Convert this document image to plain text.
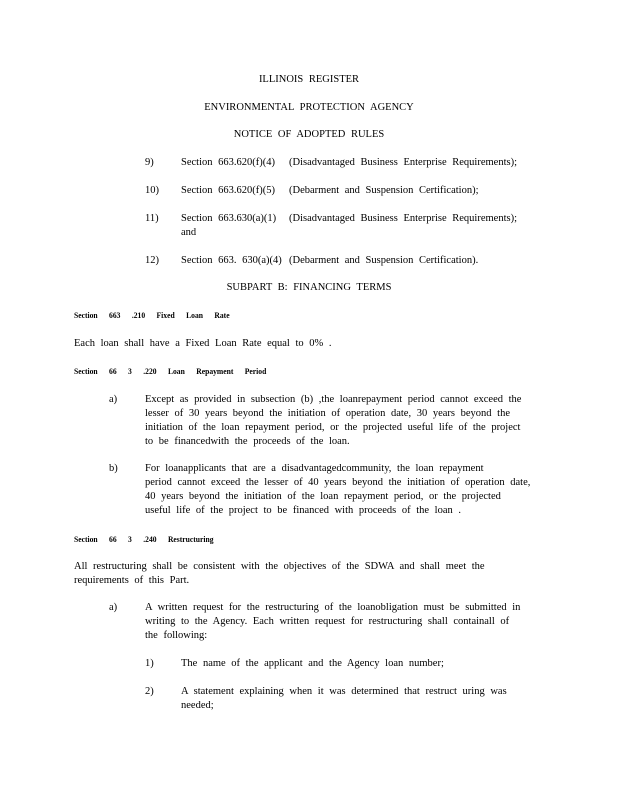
ILLINOIS REGISTER
ENVIRONMENTAL PROTECTION AGENCY
NOTICE OF ADOPTED RULES
9)	Section 663.620(f)(4) (Disadvantaged Business Enterprise Requirements);
10) Section 663.620(f)(5) (Debarment and Suspension Certification);
11) Section 663.630(a)(1) (Disadvantaged Business Enterprise Requirements);
and
12) Section 663. 630(a)(4) (Debarment and Suspension Certification).
SUBPART B: FINANCING TERMS
Section 663 .210 Fixed Loan Rate
Each loan shall have a Fixed Loan Rate equal to 0% .
Section 66 3 .220 Loan Repayment Period
a)	Except as provided in subsection (b) ,the loanrepayment period cannot exceed the
lesser of 30 years beyond the initiation of operation date, 30 years beyond the
initiation of the loan repayment period, or the projected useful life of the project
to be financedwith the proceeds of the loan.
b)	For loanapplicants that are a disadvantagedcommunity, the loan repayment
period cannot exceed the lesser of 40 years beyond the initiation of operation date,
40 years beyond the initiation of the loan repayment period, or the projected
useful life of the project to be financed with proceeds of the loan .
Section 66 3 .240 Restructuring
All restructuring shall be consistent with the objectives of the SDWA and shall meet the
requirements of this Part.
a)	A written request for the restructuring of the loanobligation must be submitted in
writing to the Agency. Each written request for restructuring shall containall of
the following:
1)	The name of the applicant and the Agency loan number;
2)	A statement explaining when it was determined that restruct uring was
needed;
